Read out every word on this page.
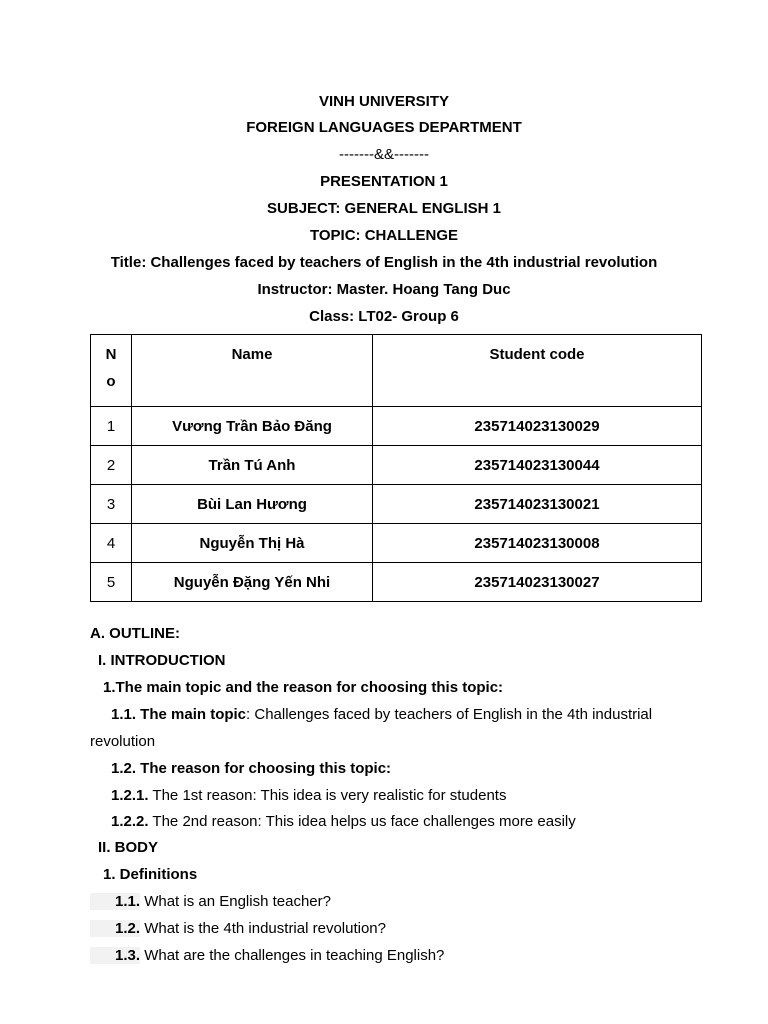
VINH UNIVERSITY
FOREIGN LANGUAGES DEPARTMENT
-------&&-------
PRESENTATION 1
SUBJECT: GENERAL ENGLISH 1
TOPIC: CHALLENGE
Title: Challenges faced by teachers of English in the 4th industrial revolution
Instructor: Master. Hoang Tang Duc
Class: LT02- Group 6
N
o	Name	Student code
1	Vương Trần Bảo Đăng	235714023130029
2	Trần Tú Anh	235714023130044
3	Bùi Lan Hương	235714023130021
4	Nguyễn Thị Hà	235714023130008
5	Nguyễn Đặng Yến Nhi	235714023130027
A. OUTLINE:
I. INTRODUCTION
1.The main topic and the reason for choosing this topic:
1.1. The main topic: Challenges faced by teachers of English in the 4th industrial
revolution
1.2. The reason for choosing this topic:
1.2.1. The 1st reason: This idea is very realistic for students
1.2.2. The 2nd reason: This idea helps us face challenges more easily
II. BODY
1. Definitions
1.1. What is an English teacher?
1.2. What is the 4th industrial revolution?
1.3. What are the challenges in teaching English?
